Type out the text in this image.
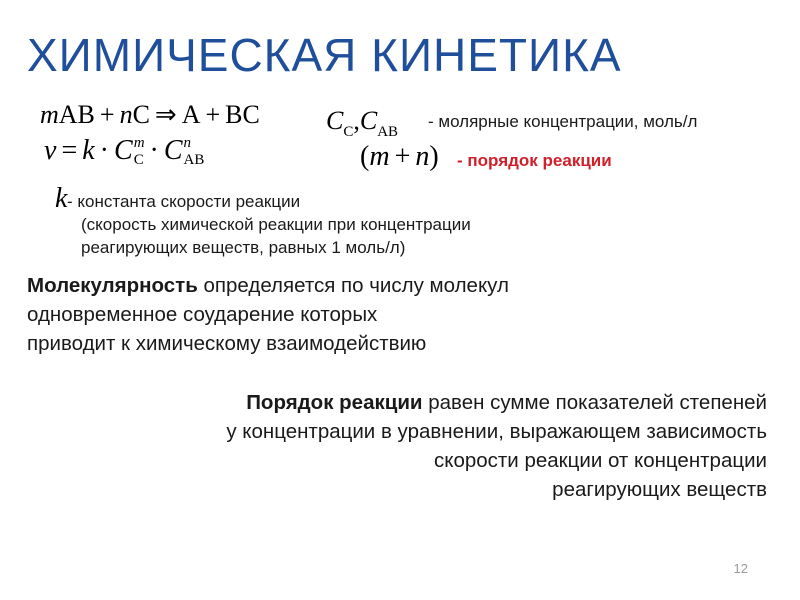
ХИМИЧЕСКАЯ КИНЕТИКА
mAB + nC ⇒ A + BC
v = k · C m
C · C n
AB
$C_C,C_{AB}$
- молярные концентрации, моль/л
(m + n) - порядок реакции
k - константа скорости реакции
(скорость химической реакции при концентрации
реагирующих веществ, равных 1 моль/л)
Молекулярность определяется по числу молекул
одновременное соударение которых
приводит к химическому взаимодействию
Порядок реакции равен сумме показателей степеней
у концентрации в уравнении, выражающем зависимость
скорости реакции от концентрации
реагирующих веществ
12
